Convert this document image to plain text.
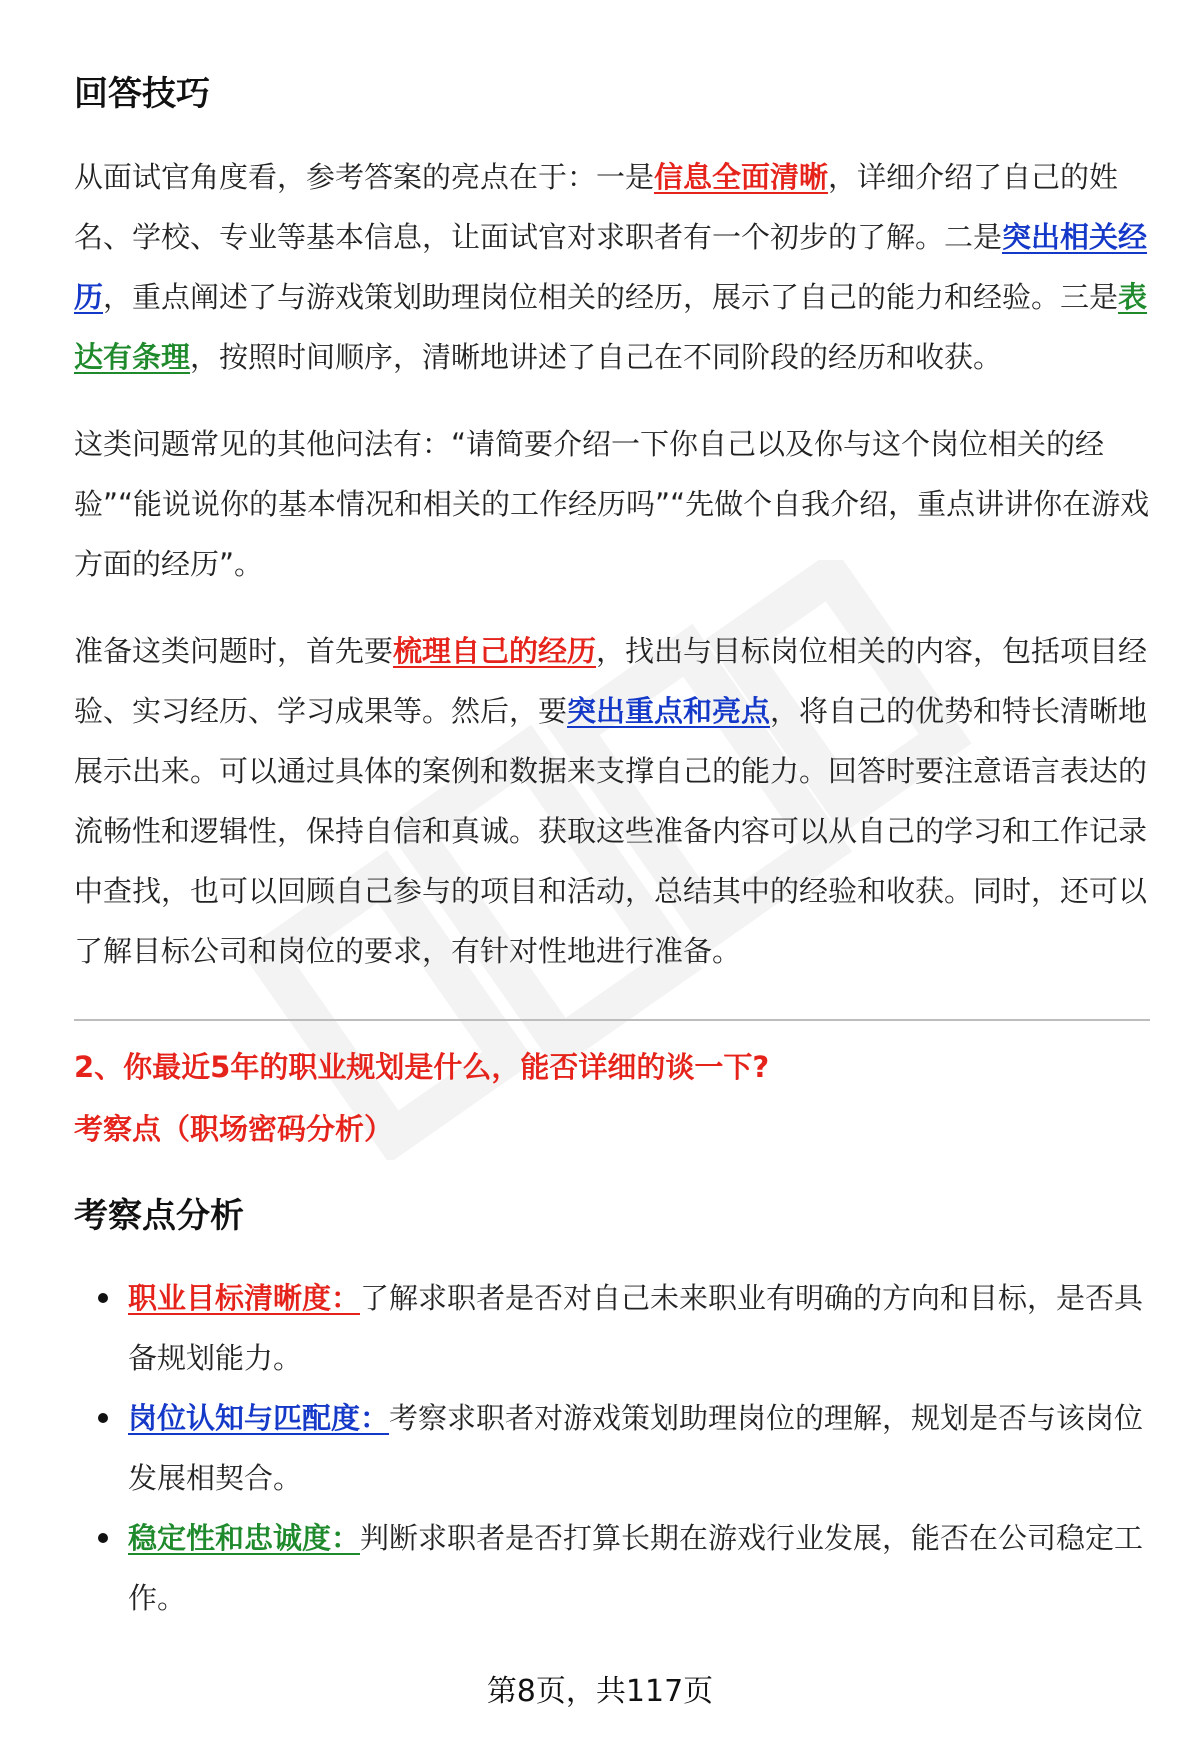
回答技巧

从面试官角度看，参考答案的亮点在于：一是信息全面清晰，详细介绍了自己的姓名、学校、专业等基本信息，让面试官对求职者有一个初步的了解。二是突出相关经历，重点阐述了与游戏策划助理岗位相关的经历，展示了自己的能力和经验。三是表达有条理，按照时间顺序，清晰地讲述了自己在不同阶段的经历和收获。

这类问题常见的其他问法有：“请简要介绍一下你自己以及你与这个岗位相关的经验”“能说说你的基本情况和相关的工作经历吗”“先做个自我介绍，重点讲讲你在游戏方面的经历”。

准备这类问题时，首先要梳理自己的经历，找出与目标岗位相关的内容，包括项目经验、实习经历、学习成果等。然后，要突出重点和亮点，将自己的优势和特长清晰地展示出来。可以通过具体的案例和数据来支撑自己的能力。回答时要注意语言表达的流畅性和逻辑性，保持自信和真诚。获取这些准备内容可以从自己的学习和工作记录中查找，也可以回顾自己参与的项目和活动，总结其中的经验和收获。同时，还可以了解目标公司和岗位的要求，有针对性地进行准备。

2、你最近5年的职业规划是什么，能否详细的谈一下?

考察点（职场密码分析）

考察点分析
职业目标清晰度：了解求职者是否对自己未来职业有明确的方向和目标，是否具备规划能力。
岗位认知与匹配度：考察求职者对游戏策划助理岗位的理解，规划是否与该岗位发展相契合。
稳定性和忠诚度：判断求职者是否打算长期在游戏行业发展，能否在公司稳定工作。
第8页，共117页
